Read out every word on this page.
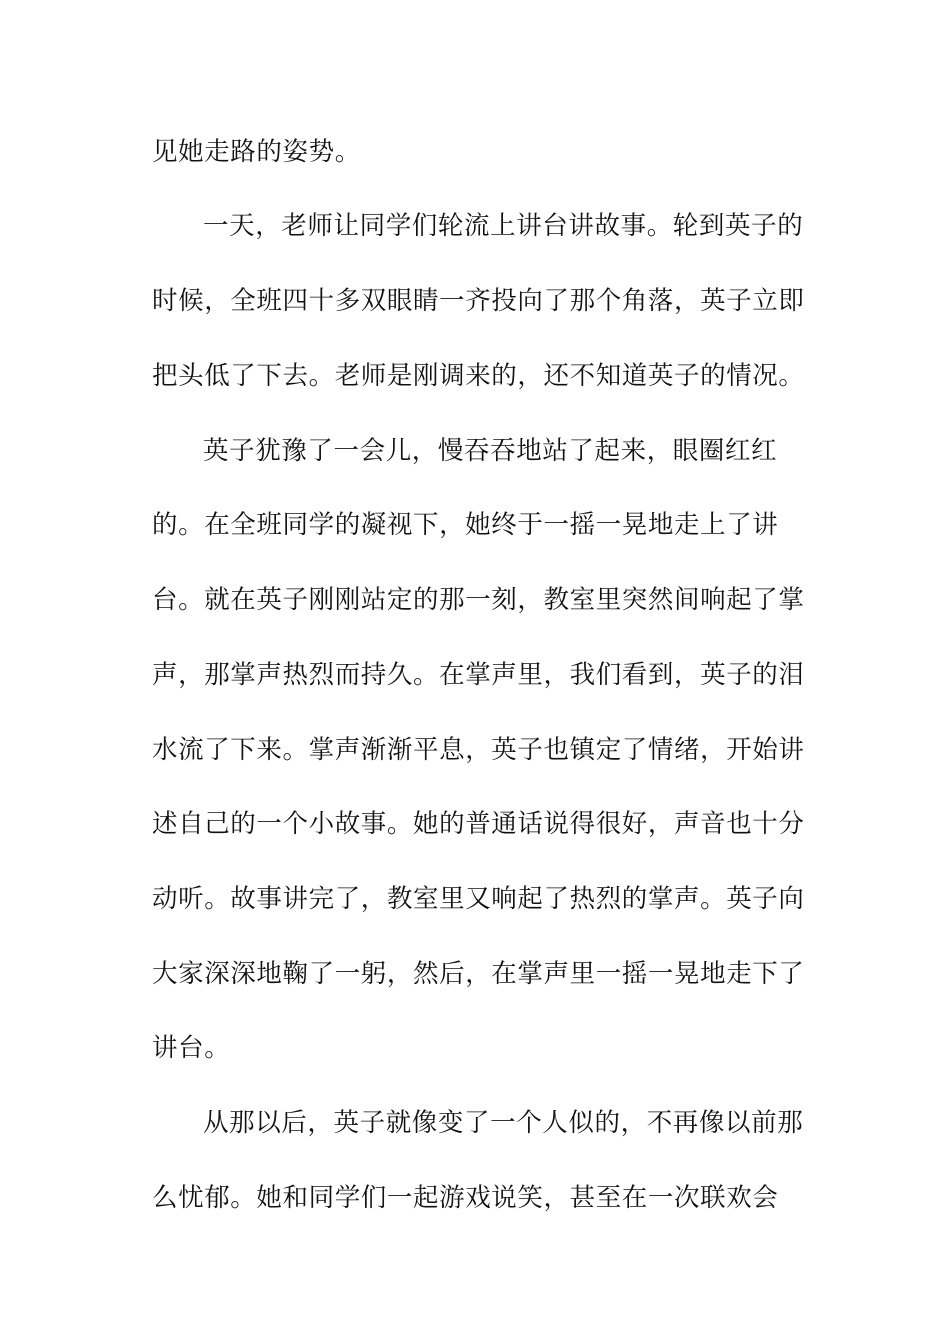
见她走路的姿势。

一天，老师让同学们轮流上讲台讲故事。轮到英子的

时候，全班四十多双眼睛一齐投向了那个角落，英子立即

把头低了下去。老师是刚调来的，还不知道英子的情况。

英子犹豫了一会儿，慢吞吞地站了起来，眼圈红红

的。在全班同学的凝视下，她终于一摇一晃地走上了讲

台。就在英子刚刚站定的那一刻，教室里突然间响起了掌

声，那掌声热烈而持久。在掌声里，我们看到，英子的泪

水流了下来。掌声渐渐平息，英子也镇定了情绪，开始讲

述自己的一个小故事。她的普通话说得很好，声音也十分

动听。故事讲完了，教室里又响起了热烈的掌声。英子向

大家深深地鞠了一躬，然后，在掌声里一摇一晃地走下了

讲台。

从那以后，英子就像变了一个人似的，不再像以前那

么忧郁。她和同学们一起游戏说笑，甚至在一次联欢会
